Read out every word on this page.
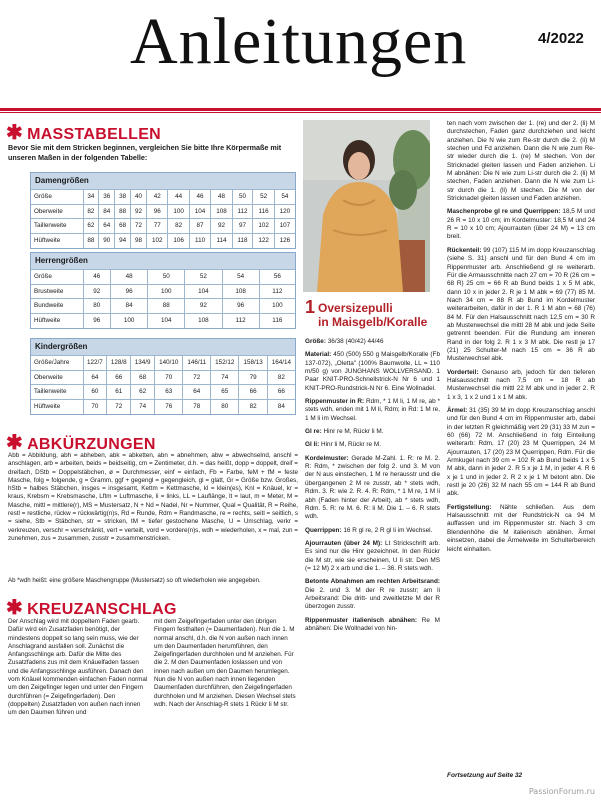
Anleitungen	4/2022
✱ MASSTABELLEN
Bevor Sie mit dem Stricken beginnen, vergleichen Sie bitte Ihre Körpermaße mit unseren Maßen in der folgenden Tabelle:
Damengrößen
Größe	34	36	38	40	42	44	46	48	50	52	54
Oberweite	82	84	88	92	96	100	104	108	112	116	120
Taillenweite	62	64	68	72	77	82	87	92	97	102	107
Hüftweite	88	90	94	98	102	106	110	114	118	122	126
Herrengrößen
Größe	46	48	50	52	54	56
Brustweite	92	96	100	104	108	112
Bundweite	80	84	88	92	96	100
Hüftweite	96	100	104	108	112	116
Kindergrößen
Größe/Jahre	122/7	128/8	134/9	140/10	146/11	152/12	158/13	164/14
Oberweite	64	66	68	70	72	74	79	82
Taillenweite	60	61	62	63	64	65	66	66
Hüftweite	70	72	74	76	78	80	82	84
✱ ABKÜRZUNGEN
Abb = Abbildung, abh = abheben, abk = abketten, abn = abnehmen, abw = abwechselnd, anschl = anschlagen, arb = arbeiten, beids = beidseitig, cm = Zentimeter, d.h. = das heißt, dopp = doppelt, dreif = dreifach, DStb = Doppelstäbchen, ø = Durchmesser, einf = einfach, Fb = Farbe, feM + fM = feste Masche, folg = folgende, g = Gramm, ggf + gegengl = gegengleich, gl = glatt, Gr = Größe bzw. Großes, hStb = halbes Stäbchen, insges = insgesamt, Kettm = Kettmasche, kl = klein(es), Knl = Knäuel, kr = kraus, Krebsm = Krebsmasche, Lftm = Luftmasche, li = links, LL = Lauflänge, lt = laut, m = Meter, M = Masche, mittl = mittlere(r), MS = Mustersatz, N + Nd = Nadel, Nr = Nummer, Qual = Qualität, R = Reihe, restl = restliche, rückw = rückwärtig(n)s, Rd = Runde, Rdm = Randmasche, re = rechts, seitl = seitlich, s = siehe, Stb = Stäbchen, str = stricken, tM = tiefer gestochene Masche, U = Umschlag, verkr = verkreuzen, verschr = verschränkt, vert = verteilt, vord = vordere(n)s, wdh = wiederholen, x = mal, zun = zunehmen, zus = zusammen, zusstr = zusammenstricken.
Ab *wdh heißt: eine größere Maschengruppe (Mustersatz) so oft wiederholen wie angegeben.
✱ KREUZANSCHLAG
Der Anschlag wird mit doppeltem Faden gearb. Dafür wird ein Zusatzfaden benötigt, der mindestens doppelt so lang sein muss, wie der Anschlagrand ausfallen soll. Zunächst die Anfangsschlinge arb. Dafür die Mitte des Zusatzfadens zus mit dem Knäuelfaden fassen und die Anfangsschlinge ausführen. Danach den vom Knäuel kommenden einfachen Faden normal um den Zeigefinger legen und unter den Fingern durchführen (= Zeigefingerfaden). Den (doppelten) Zusatzfaden von außen nach innen um den Daumen führen und
mit dem Zeigefingerfaden unter den übrigen Fingern festhalten (= Daumenfaden). Nun die 1. M normal anschl, d.h. die N von außen nach innen um den Daumenfaden herumführen, den Zeigefingerfaden durchholen und M anziehen. Für die 2. M den Daumenfaden loslassen und von innen nach außen um den Daumen herumlegen. Nun die N von außen nach innen liegenden Daumenfaden durchführen, den Zeigefingerfaden durchholen und M anziehen. Diesen Wechsel stets wdh. Nach der Anschlag-R stets 1 Rückr li M str.
1 Oversizepulli
in Maisgelb/Koralle

Größe: 36/38 (40/42) 44/46

Material: 450 (500) 550 g Maisgelb/Koralle (Fb 137-072), „Oletta" (100% Baumwolle, LL = 110 m/50 g) von JUNGHANS WOLLVERSAND. 1 Paar KNIT-PRO-Schnellstrick-N Nr 6 und 1 KNIT-PRO-Rundstrick-N Nr 6. Eine Wollnadel.

Rippenmuster in R: Rdm, * 1 M li, 1 M re, ab * stets wdh, enden mit 1 M li, Rdm; in Rd: 1 M re, 1 M li im Wechsel.

Gl re: Hinr re M, Rückr li M.

Gl li: Hinr li M, Rückr re M.

Kordelmuster: Gerade M-Zahl. 1. R: re M. 2. R: Rdm, * zwischen der folg 2. und 3. M von der N aus einstechen, 1 M re herausstr und die übergangenen 2 M re zusstr, ab * stets wdh, Rdm. 3. R: wie 2. R. 4. R: Rdm, * 1 M re, 1 M li abh (Faden hinter der Arbeit), ab * stets wdh, Rdm. 5. R: re M. 6. R: li M. Die 1. – 6. R stets wdh.

Querrippen: 16 R gl re, 2 R gl li im Wechsel.

Ajourrauten (über 24 M): Lt Strickschrift arb. Es sind nur die Hinr gezeichnet. In den Rückr die M str, wie sie erscheinen, U li str. Den MS (= 12 M) 2 x arb und die 1. – 36. R stets wdh.

Betonte Abnahmen am rechten Arbeitsrand: Die 2. und 3. M der R re zusstr; am li Arbeitsrand: Die dritt- und zweitletzte M der R überzogen zusstr.

Rippenmuster italienisch abnähen: Re M abnähen: Die Wollnadel von hin-

ten nach vorn zwischen der 1. (re) und der 2. (li) M durchstechen, Faden ganz durchziehen und leicht anziehen. Die N wie zum Re-str durch die 2. (li) M stechen und Fd anziehen. Dann die N wie zum Re-str wieder durch die 1. (re) M stechen. Von der Stricknadel gleiten lassen und Faden anziehen. Li M abnähen: Die N wie zum Li-str durch die 2. (li) M stechen, Faden anziehen. Dann die N wie zum Li-str durch die 1. (li) M stechen. Die M von der Stricknadel gleiten lassen und Faden anziehen.

Maschenprobe gl re und Querrippen: 18,5 M und 26 R = 10 x 10 cm; im Kordelmuster: 18,5 M und 24 R = 10 x 10 cm; Ajourrauten (über 24 M) = 13 cm breit.

Rückenteil: 99 (107) 115 M im dopp Kreuzanschlag (siehe S. 31) anschl und für den Bund 4 cm im Rippenmuster arb. Anschließend gl re weiterarb. Für die Armausschnitte nach 27 cm = 70 R (26 cm = 68 R) 25 cm = 66 R ab Bund beids 1 x 5 M abk, dann 10 x in jeder 2. R je 1 M abk = 69 (77) 85 M. Nach 34 cm = 88 R ab Bund im Kordelmuster weiterarbeiten, dafür in der 1. R 1 M abn = 68 (76) 84 M. Für den Halsausschnitt nach 12,5 cm = 30 R ab Musterwechsel die mittl 28 M abk und jede Seite getrennt beenden. Für die Rundung am inneren Rand in der folg 2. R 1 x 3 M abk. Die restl je 17 (21) 25 Schulter-M nach 15 cm = 36 R ab Musterwechsel abk.

Vorderteil: Genauso arb, jedoch für den tieferen Halsausschnitt nach 7,5 cm = 18 R ab Musterwechsel die mittl 22 M abk und in jeder 2. R 1 x 3, 1 x 2 und 1 x 1 M abk.

Ärmel: 31 (35) 39 M im dopp Kreuzanschlag anschl und für den Bund 4 cm im Rippenmuster arb, dabei in der letzten R gleichmäßig vert 29 (31) 33 M zun = 60 (66) 72 M. Anschließend in folg Einteilung weiterarb: Rdm, 17 (20) 23 M Querrippen, 24 M Ajourrauten, 17 (20) 23 M Querrippen, Rdm. Für die Armkugel nach 39 cm = 102 R ab Bund beids 1 x 5 M abk, dann in jeder 2. R 5 x je 1 M, in jeder 4. R 6 x je 1 und in jeder 2. R 2 x je 1 M betont abn. Die restl je 20 (26) 32 M nach 55 cm = 144 R ab Bund abk.

Fertigstellung: Nähte schließen. Aus dem Halsausschnitt mit der Rundstrick-N ca 94 M auffassen und im Rippenmuster str. Nach 3 cm Blendenhöhe die M italienisch abnähen. Ärmel einsetzen, dabei die Ärmelweite im Schulterbereich leicht einhalten.

Fortsetzung auf Seite 32
PassionForum.ru
